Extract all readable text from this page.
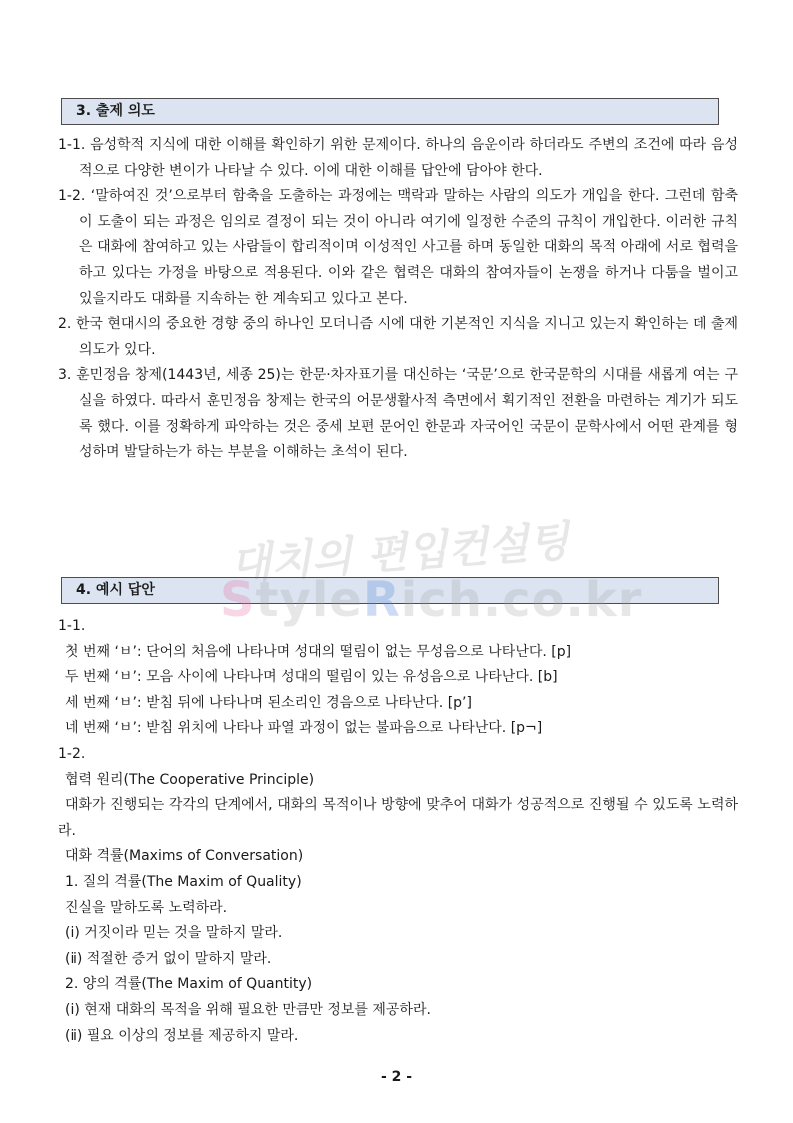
3. 출제 의도

1-1. 음성학적 지식에 대한 이해를 확인하기 위한 문제이다. 하나의 음운이라 하더라도 주변의 조건에 따라 음성적으로 다양한 변이가 나타날 수 있다. 이에 대한 이해를 답안에 담아야 한다.

1-2. ‘말하여진 것’으로부터 함축을 도출하는 과정에는 맥락과 말하는 사람의 의도가 개입을 한다. 그런데 함축이 도출이 되는 과정은 임의로 결정이 되는 것이 아니라 여기에 일정한 수준의 규칙이 개입한다. 이러한 규칙은 대화에 참여하고 있는 사람들이 합리적이며 이성적인 사고를 하며 동일한 대화의 목적 아래에 서로 협력을 하고 있다는 가정을 바탕으로 적용된다. 이와 같은 협력은 대화의 참여자들이 논쟁을 하거나 다툼을 벌이고 있을지라도 대화를 지속하는 한 계속되고 있다고 본다.

2. 한국 현대시의 중요한 경향 중의 하나인 모더니즘 시에 대한 기본적인 지식을 지니고 있는지 확인하는 데 출제 의도가 있다.

3. 훈민정음 창제(1443년, 세종 25)는 한문·차자표기를 대신하는 ‘국문’으로 한국문학의 시대를 새롭게 여는 구실을 하였다. 따라서 훈민정음 창제는 한국의 어문생활사적 측면에서 획기적인 전환을 마련하는 계기가 되도록 했다. 이를 정확하게 파악하는 것은 중세 보편 문어인 한문과 자국어인 국문이 문학사에서 어떤 관계를 형성하며 발달하는가 하는 부분을 이해하는 초석이 된다.

4. 예시 답안

1-1.

첫 번째 ‘ㅂ’: 단어의 처음에 나타나며 성대의 떨림이 없는 무성음으로 나타난다. [p]

두 번째 ‘ㅂ’: 모음 사이에 나타나며 성대의 떨림이 있는 유성음으로 나타난다. [b]

세 번째 ‘ㅂ’: 받침 뒤에 나타나며 된소리인 경음으로 나타난다. [p’]

네 번째 ‘ㅂ’: 받침 위치에 나타나 파열 과정이 없는 불파음으로 나타난다. [p¬]

1-2.

협력 원리(The Cooperative Principle)

대화가 진행되는 각각의 단계에서, 대화의 목적이나 방향에 맞추어 대화가 성공적으로 진행될 수 있도록 노력하라.

대화 격률(Maxims of Conversation)

1. 질의 격률(The Maxim of Quality)

진실을 말하도록 노력하라.

(ⅰ) 거짓이라 믿는 것을 말하지 말라.

(ⅱ) 적절한 증거 없이 말하지 말라.

2. 양의 격률(The Maxim of Quantity)

(ⅰ) 현재 대화의 목적을 위해 필요한 만큼만 정보를 제공하라.

(ⅱ) 필요 이상의 정보를 제공하지 말라.

대치의 편입컨설팅
StyleRich.co.kr
- 2 -
